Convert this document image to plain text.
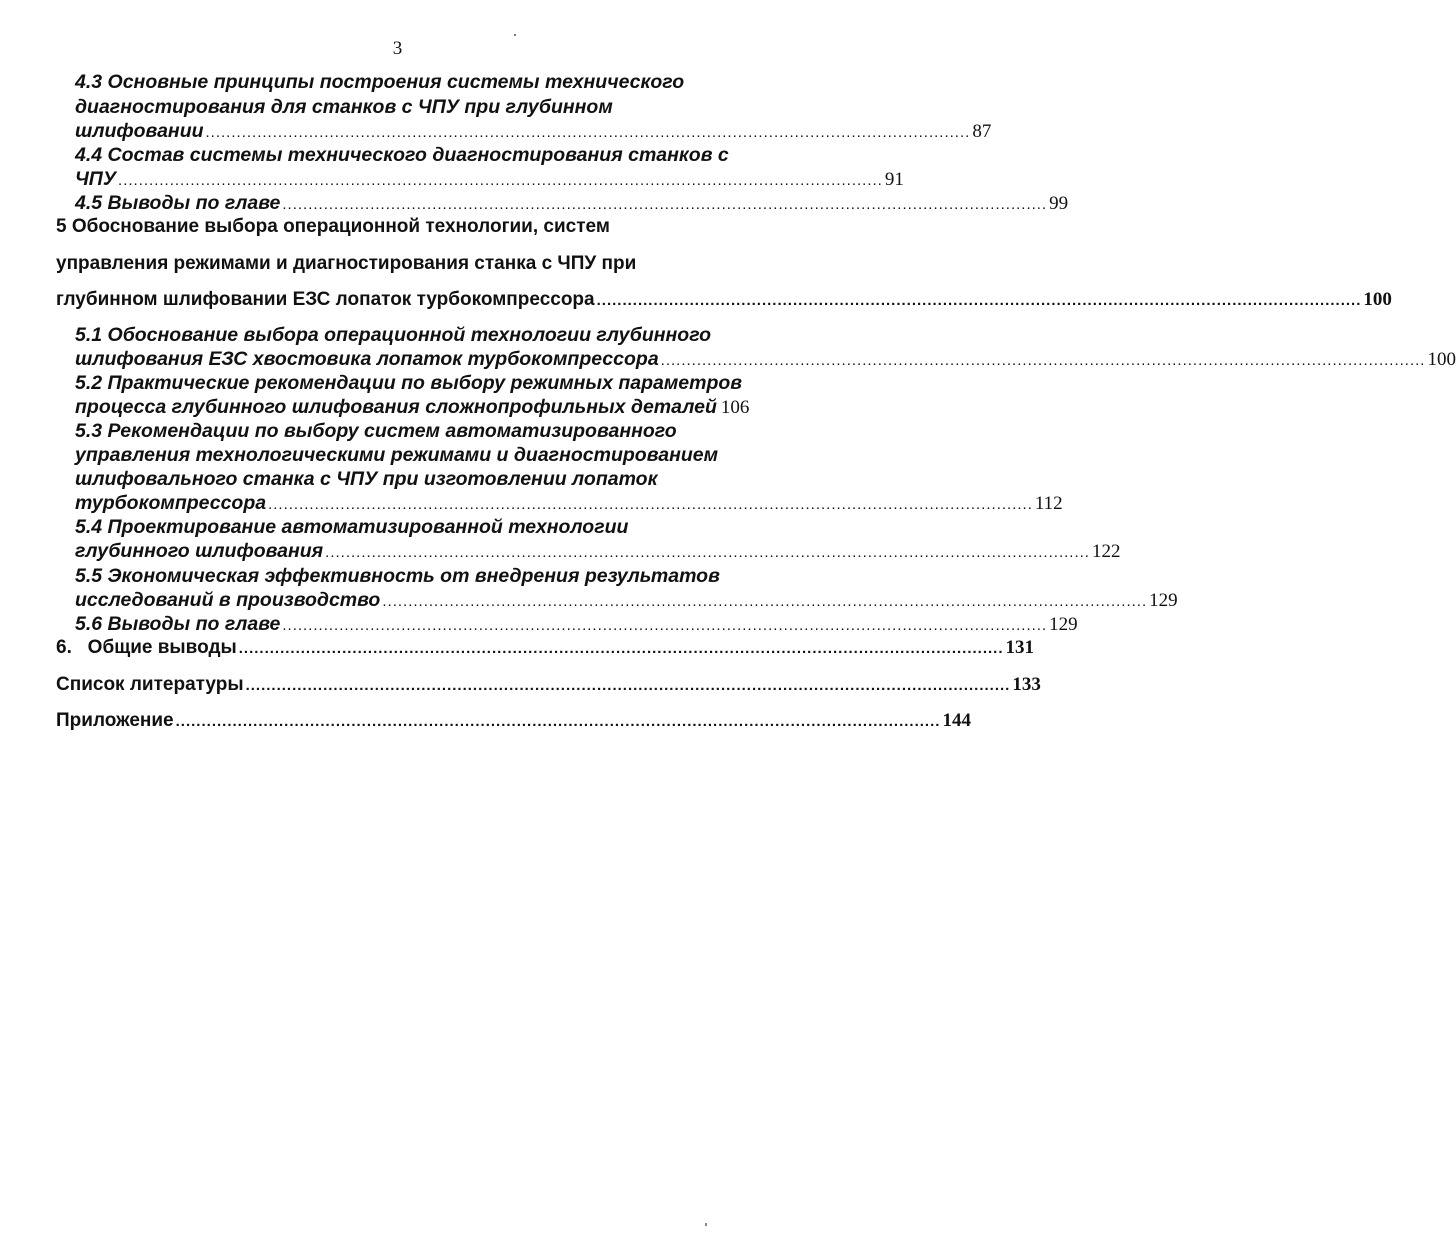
3
4.3 Основные принципы построения системы технического
диагностирования для станков с ЧПУ при глубинном
шлифовании .................................................................................................................................................... 87
4.4 Состав системы технического диагностирования станков с
ЧПУ .................................................................................................................................................... 91
4.5 Выводы по главе .................................................................................................................................................... 99
5 Обоснование выбора операционной технологии, систем
управления режимами и диагностирования станка с ЧПУ при
глубинном шлифовании ЕЗС лопаток турбокомпрессора .................................................................................................................................................... 100
5.1 Обоснование выбора операционной технологии глубинного
шлифования ЕЗС хвостовика лопаток турбокомпрессора .................................................................................................................................................... 100
5.2 Практические рекомендации по выбору режимных параметров
процесса глубинного шлифования сложнопрофильных деталей 106
5.3 Рекомендации по выбору систем автоматизированного
управления технологическими режимами и диагностированием
шлифовального станка с ЧПУ при изготовлении лопаток
турбокомпрессора .................................................................................................................................................... 112
5.4 Проектирование автоматизированной технологии
глубинного шлифования .................................................................................................................................................... 122
5.5 Экономическая эффективность от внедрения результатов
исследований в производство .................................................................................................................................................... 129
5.6 Выводы по главе .................................................................................................................................................... 129
6.   Общие выводы .................................................................................................................................................... 131
Список литературы .................................................................................................................................................... 133
Приложение .................................................................................................................................................... 144
